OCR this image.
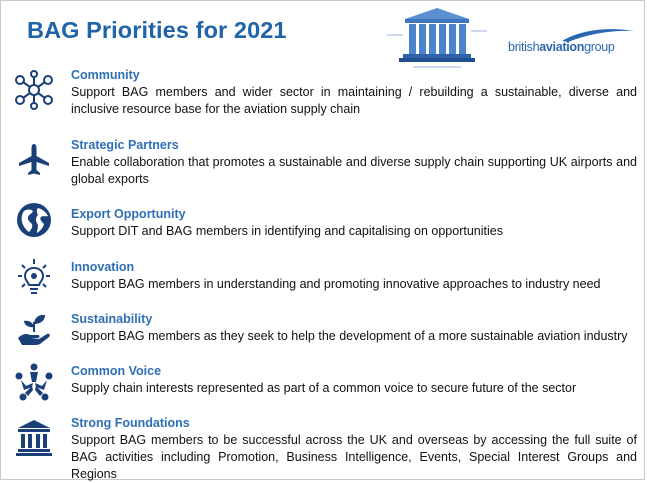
BAG Priorities for 2021
britishaviationgroup
Community
Support BAG members and wider sector in maintaining / rebuilding a sustainable, diverse and inclusive resource base for the aviation supply chain
Strategic Partners
Enable collaboration that promotes a sustainable and diverse supply chain supporting UK airports and global exports
Export Opportunity
Support DIT and BAG members in identifying and capitalising on opportunities
Innovation
Support BAG members in understanding and promoting innovative approaches to industry need
Sustainability
Support BAG members as they seek to help the development of a more sustainable aviation industry
Common Voice
Supply chain interests represented as part of a common voice to secure future of the sector
Strong Foundations
Support BAG members to be successful across the UK and overseas by accessing the full suite of BAG activities including Promotion, Business Intelligence, Events, Special Interest Groups and Regions
